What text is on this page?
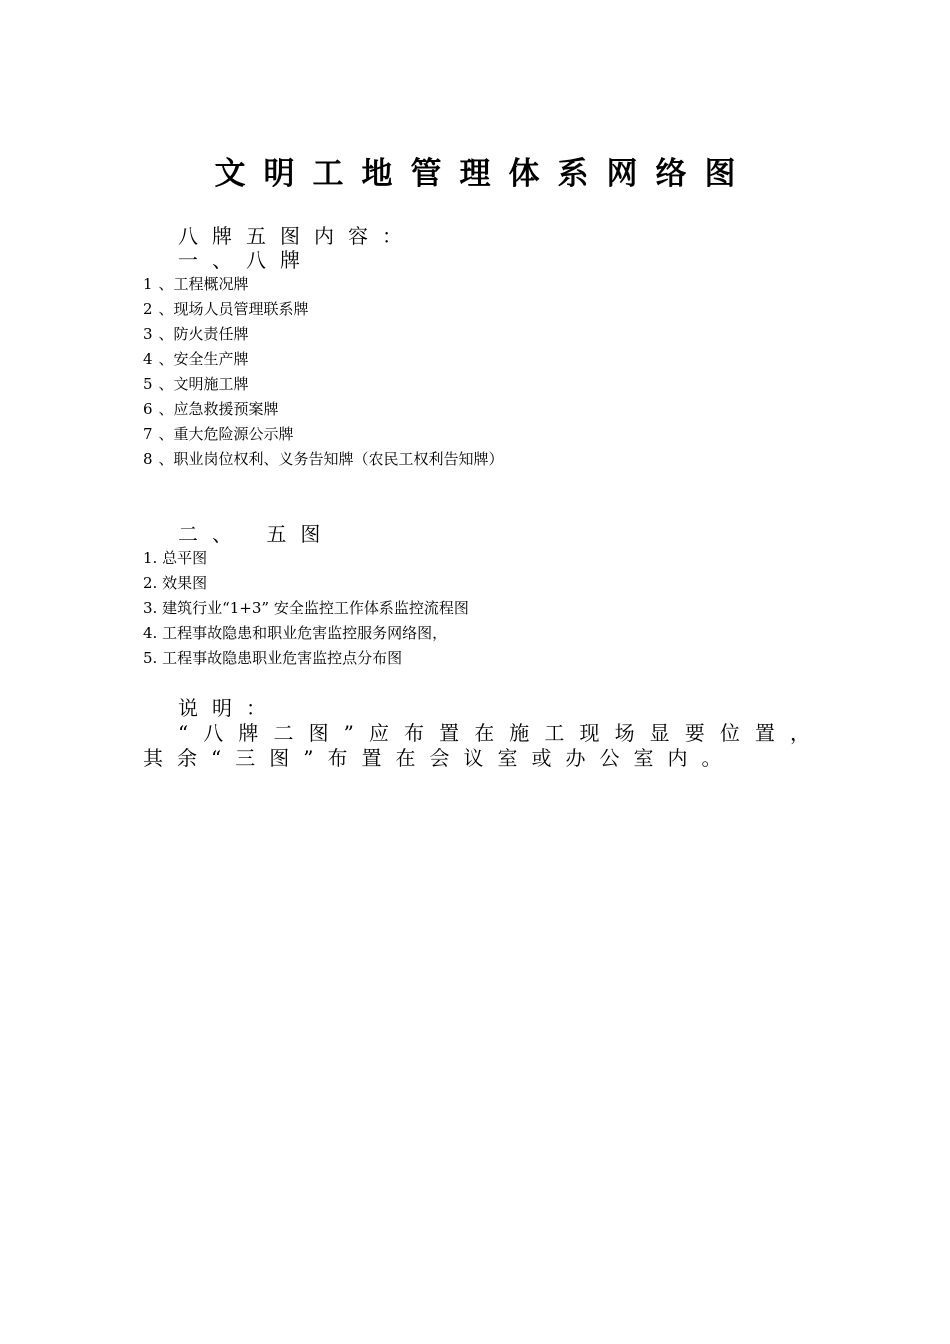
文明工地管理体系网络图
八牌五图内容：
一、八牌
1 、工程概况牌
2 、现场人员管理联系牌
3 、防火责任牌
4 、安全生产牌
5 、文明施工牌
6 、应急救援预案牌
7 、重大危险源公示牌
8 、职业岗位权利、义务告知牌（农民工权利告知牌）
二、 五图
1. 总平图
2. 效果图
3. 建筑行业“1+3” 安全监控工作体系监控流程图
4. 工程事故隐患和职业危害监控服务网络图，
5. 工程事故隐患职业危害监控点分布图
说明：
“八牌二图”应布置在施工现场显要位置，
其余“三图”布置在会议室或办公室内。
